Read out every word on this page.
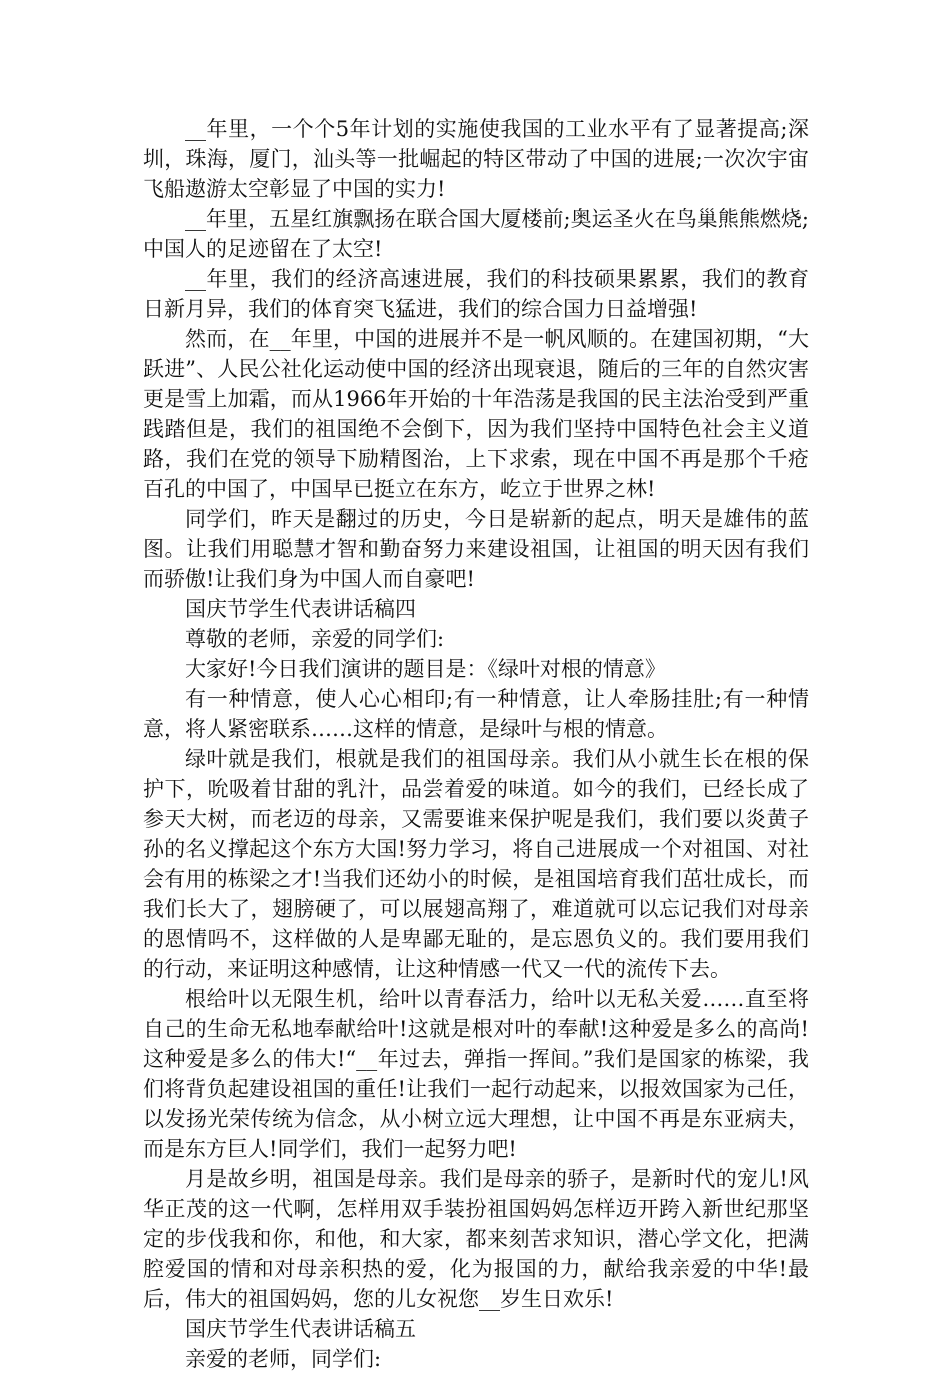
__年里，一个个5年计划的实施使我国的工业水平有了显著提高;深圳，珠海，厦门，汕头等一批崛起的特区带动了中国的进展;一次次宇宙飞船遨游太空彰显了中国的实力!

__年里，五星红旗飘扬在联合国大厦楼前;奥运圣火在鸟巢熊熊燃烧;中国人的足迹留在了太空!

__年里，我们的经济高速进展，我们的科技硕果累累，我们的教育日新月异，我们的体育突飞猛进，我们的综合国力日益增强!

然而，在__年里，中国的进展并不是一帆风顺的。在建国初期，“大跃进”、人民公社化运动使中国的经济出现衰退，随后的三年的自然灾害更是雪上加霜，而从1966年开始的十年浩荡是我国的民主法治受到严重践踏但是，我们的祖国绝不会倒下，因为我们坚持中国特色社会主义道路，我们在党的领导下励精图治，上下求索，现在中国不再是那个千疮百孔的中国了，中国早已挺立在东方，屹立于世界之林!

同学们，昨天是翻过的历史，今日是崭新的起点，明天是雄伟的蓝图。让我们用聪慧才智和勤奋努力来建设祖国，让祖国的明天因有我们而骄傲!让我们身为中国人而自豪吧!

国庆节学生代表讲话稿四

尊敬的老师，亲爱的同学们:

大家好!今日我们演讲的题目是：《绿叶对根的情意》

有一种情意，使人心心相印;有一种情意，让人牵肠挂肚;有一种情意，将人紧密联系……这样的情意，是绿叶与根的情意。

绿叶就是我们，根就是我们的祖国母亲。我们从小就生长在根的保护下，吮吸着甘甜的乳汁，品尝着爱的味道。如今的我们，已经长成了参天大树，而老迈的母亲，又需要谁来保护呢是我们，我们要以炎黄子孙的名义撑起这个东方大国!努力学习，将自己进展成一个对祖国、对社会有用的栋梁之才!当我们还幼小的时候，是祖国培育我们茁壮成长，而我们长大了，翅膀硬了，可以展翅高翔了，难道就可以忘记我们对母亲的恩情吗不，这样做的人是卑鄙无耻的，是忘恩负义的。我们要用我们的行动，来证明这种感情，让这种情感一代又一代的流传下去。

根给叶以无限生机，给叶以青春活力，给叶以无私关爱……直至将自己的生命无私地奉献给叶!这就是根对叶的奉献!这种爱是多么的高尚!这种爱是多么的伟大!“__年过去，弹指一挥间。”我们是国家的栋梁，我们将背负起建设祖国的重任!让我们一起行动起来，以报效国家为己任，以发扬光荣传统为信念，从小树立远大理想，让中国不再是东亚病夫，而是东方巨人!同学们，我们一起努力吧!

月是故乡明，祖国是母亲。我们是母亲的骄子，是新时代的宠儿!风华正茂的这一代啊，怎样用双手装扮祖国妈妈怎样迈开跨入新世纪那坚定的步伐我和你，和他，和大家，都来刻苦求知识，潜心学文化，把满腔爱国的情和对母亲积热的爱，化为报国的力，献给我亲爱的中华!最后，伟大的祖国妈妈，您的儿女祝您__岁生日欢乐!

国庆节学生代表讲话稿五

亲爱的老师，同学们:
